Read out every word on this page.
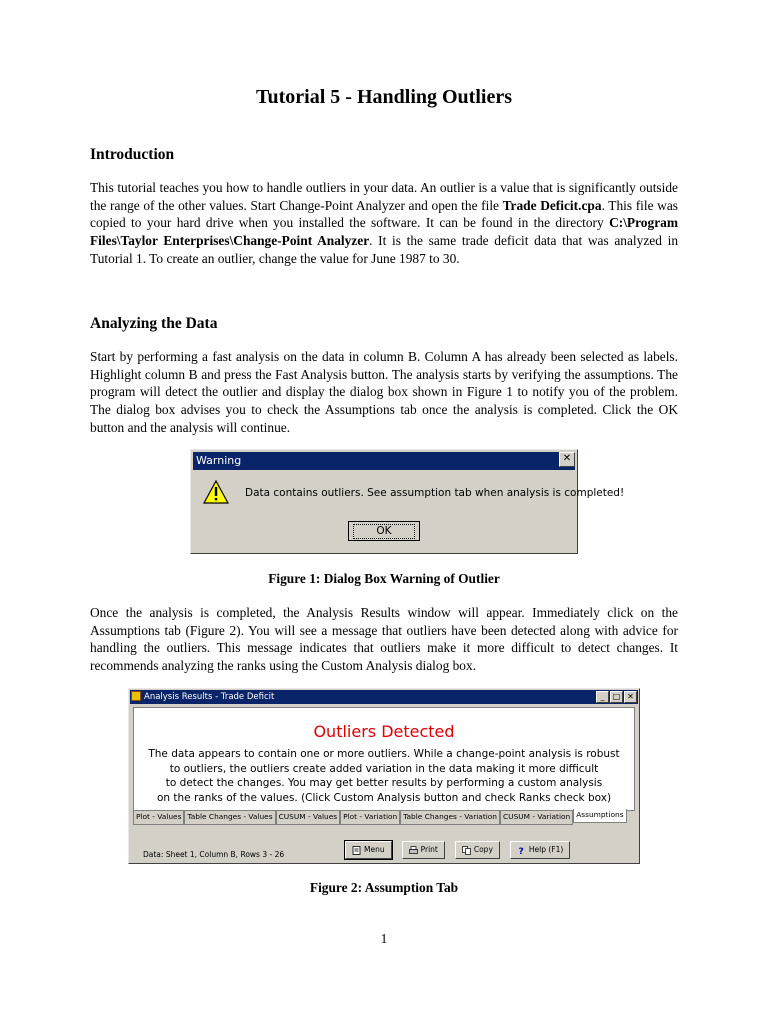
Tutorial 5 - Handling Outliers
Introduction

This tutorial teaches you how to handle outliers in your data. An outlier is a value that is significantly outside the range of the other values. Start Change-Point Analyzer and open the file Trade Deficit.cpa. This file was copied to your hard drive when you installed the software. It can be found in the directory C:\Program Files\Taylor Enterprises\Change-Point Analyzer. It is the same trade deficit data that was analyzed in Tutorial 1. To create an outlier, change the value for June 1987 to 30.

Analyzing the Data

Start by performing a fast analysis on the data in column B. Column A has already been selected as labels. Highlight column B and press the Fast Analysis button. The analysis starts by verifying the assumptions. The program will detect the outlier and display the dialog box shown in Figure 1 to notify you of the problem. The dialog box advises you to check the Assumptions tab once the analysis is completed. Click the OK button and the analysis will continue.

Warning	✕
Data contains outliers. See assumption tab when analysis is completed!
OK
Figure 1: Dialog Box Warning of Outlier

Once the analysis is completed, the Analysis Results window will appear. Immediately click on the Assumptions tab (Figure 2). You will see a message that outliers have been detected along with advice for handling the outliers. This message indicates that outliers make it more difficult to detect changes. It recommends analyzing the ranks using the Custom Analysis dialog box.

Analysis Results - Trade Deficit	_	□ ✕
Outliers Detected
The data appears to contain one or more outliers. While a change-point analysis is robust
to outliers, the outliers create added variation in the data making it more difficult
to detect the changes. You may get better results by performing a custom analysis
on the ranks of the values. (Click Custom Analysis button and check Ranks check box)
Plot - Values Table Changes - Values CUSUM - Values Plot - Variation Table Changes - Variation CUSUM - Variation Assumptions
Data: Sheet 1, Column B, Rows 3 - 26
Menu	Print	Copy	? Help (F1)
Figure 2: Assumption Tab
1
